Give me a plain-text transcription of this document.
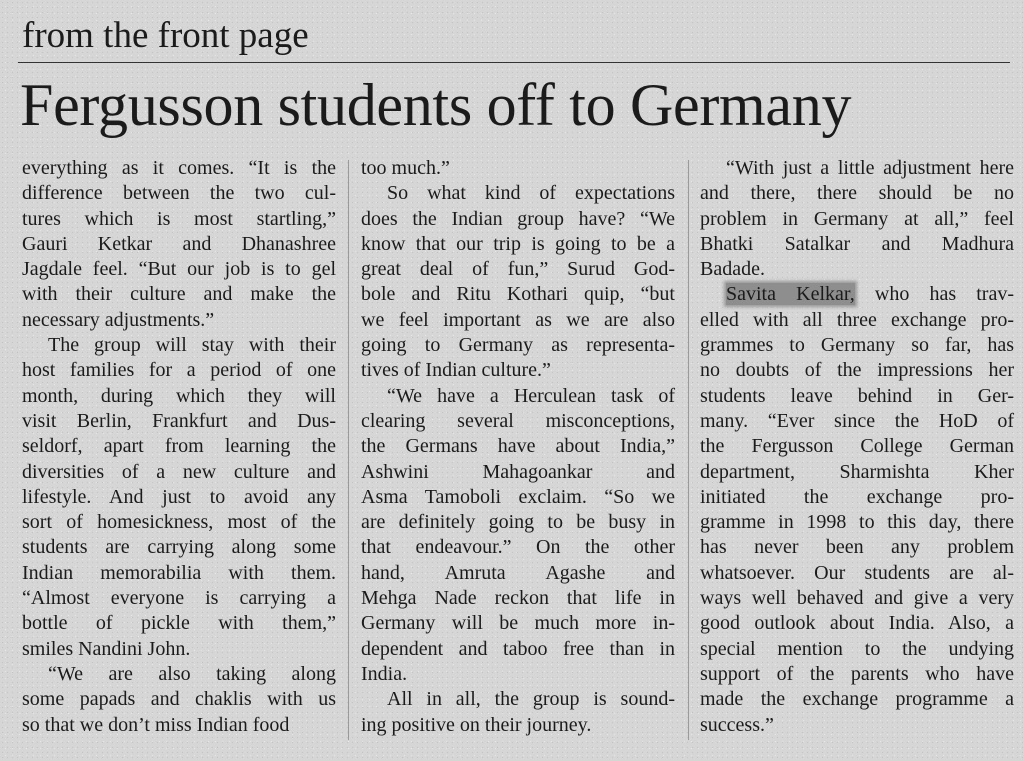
from the front page
Fergusson students off to Germany
everything as it comes. “It is the
difference between the two cul-
tures which is most startling,”
Gauri Ketkar and Dhanashree
Jagdale feel. “But our job is to gel
with their culture and make the
necessary adjustments.”
The group will stay with their
host families for a period of one
month, during which they will
visit Berlin, Frankfurt and Dus-
seldorf, apart from learning the
diversities of a new culture and
lifestyle. And just to avoid any
sort of homesickness, most of the
students are carrying along some
Indian memorabilia with them.
“Almost everyone is carrying a
bottle of pickle with them,”
smiles Nandini John.
“We are also taking along
some papads and chaklis with us
so that we don’t miss Indian food
too much.”
So what kind of expectations
does the Indian group have? “We
know that our trip is going to be a
great deal of fun,” Surud God-
bole and Ritu Kothari quip, “but
we feel important as we are also
going to Germany as representa-
tives of Indian culture.”
“We have a Herculean task of
clearing several misconceptions,
the Germans have about India,”
Ashwini Mahagoankar and
Asma Tamoboli exclaim. “So we
are definitely going to be busy in
that endeavour.” On the other
hand, Amruta Agashe and
Mehga Nade reckon that life in
Germany will be much more in-
dependent and taboo free than in
India.
All in all, the group is sound-
ing positive on their journey.
“With just a little adjustment here
and there, there should be no
problem in Germany at all,” feel
Bhatki Satalkar and Madhura
Badade.
Savita Kelkar, who has trav-
elled with all three exchange pro-
grammes to Germany so far, has
no doubts of the impressions her
students leave behind in Ger-
many. “Ever since the HoD of
the Fergusson College German
department, Sharmishta Kher
initiated the exchange pro-
gramme in 1998 to this day, there
has never been any problem
whatsoever. Our students are al-
ways well behaved and give a very
good outlook about India. Also, a
special mention to the undying
support of the parents who have
made the exchange programme a
success.”
